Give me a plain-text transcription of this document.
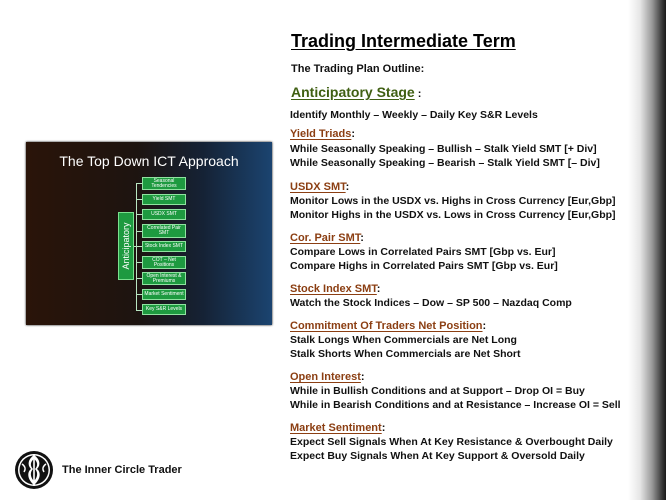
Trading Intermediate Term
The Trading Plan Outline:
Anticipatory Stage :
Identify Monthly – Weekly – Daily Key S&R Levels
Yield Triads:
While Seasonally Speaking – Bullish – Stalk Yield SMT [+ Div]
While Seasonally Speaking – Bearish – Stalk Yield SMT [– Div]
USDX SMT:
Monitor Lows in the USDX vs. Highs in Cross Currency [Eur,Gbp]
Monitor Highs in the USDX vs. Lows in Cross Currency [Eur,Gbp]
Cor. Pair SMT:
Compare Lows in Correlated Pairs SMT [Gbp vs. Eur]
Compare Highs in Correlated Pairs SMT [Gbp vs. Eur]
Stock Index SMT:
Watch the Stock Indices – Dow – SP 500 – Nazdaq Comp
Commitment Of Traders Net Position:
Stalk Longs When Commercials are Net Long
Stalk Shorts When Commercials are Net Short
Open Interest:
While in Bullish Conditions and at Support – Drop OI = Buy
While in Bearish Conditions and at Resistance – Increase OI = Sell
Market Sentiment:
Expect Sell Signals When At Key Resistance & Overbought Daily
Expect Buy Signals When At Key Support & Oversold Daily
The Top Down ICT Approach
Anticipatory
Seasonal Tendencies
Yield SMT
USDX SMT
Correlated Pair SMT
Stock Index SMT
COT – Net Positions
Open Interest & Premiums
Market Sentiment
Key S&R Levels
The Inner Circle Trader
